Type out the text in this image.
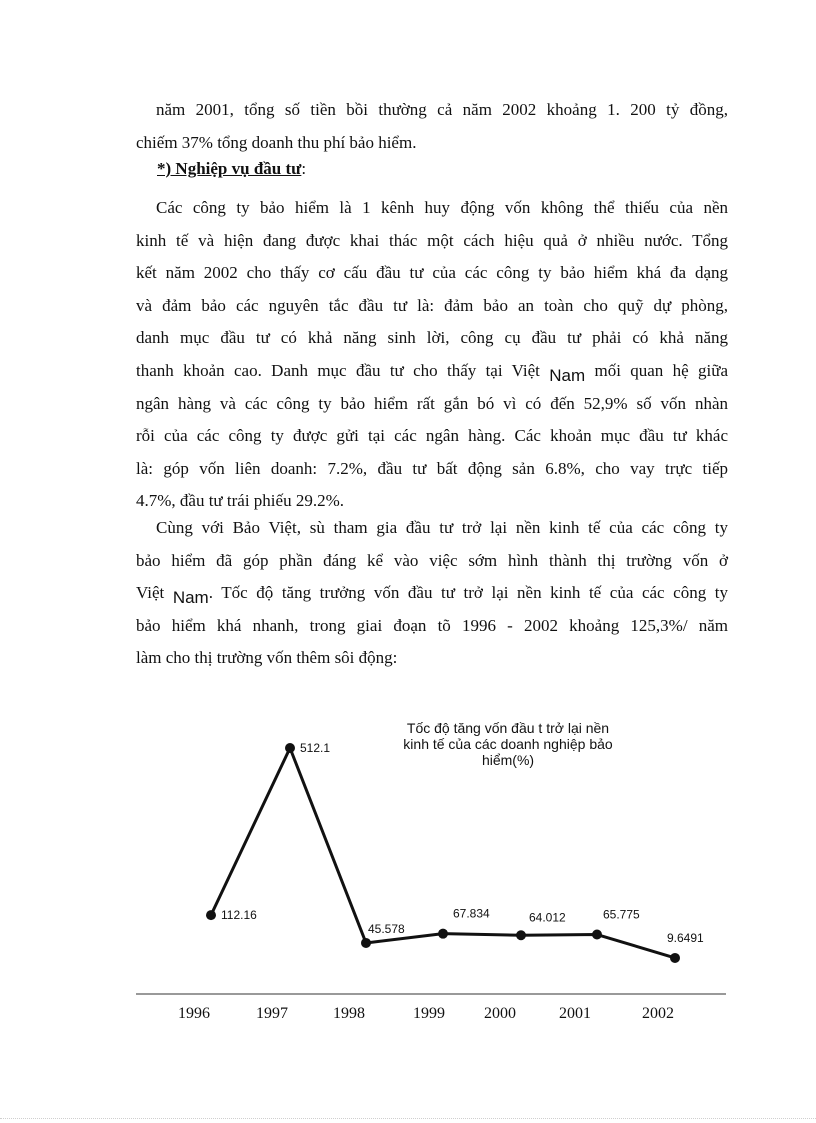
năm 2001, tổng số tiền bồi thường cả năm 2002 khoảng 1. 200 tỷ đồng,
chiếm 37% tổng doanh thu phí bảo hiểm.
*) Nghiệp vụ đầu tư:
Các công ty bảo hiểm là 1 kênh huy động vốn không thể thiếu của nền
kinh tế và hiện đang được khai thác một cách hiệu quả ở nhiều nước. Tổng
kết năm 2002 cho thấy cơ cấu đầu tư của các công ty bảo hiểm khá đa dạng
và đảm bảo các nguyên tắc đầu tư là: đảm bảo an toàn cho quỹ dự phòng,
danh mục đầu tư có khả năng sinh lời, công cụ đầu tư phải có khả năng
thanh khoản cao. Danh mục đầu tư cho thấy tại Việt Nam mối quan hệ giữa
ngân hàng và các công ty bảo hiểm rất gắn bó vì có đến 52,9% số vốn nhàn
rỗi của các công ty được gửi tại các ngân hàng. Các khoản mục đầu tư khác
là: góp vốn liên doanh: 7.2%, đầu tư bất động sản 6.8%, cho vay trực tiếp
4.7%, đầu tư trái phiếu 29.2%.
Cùng với Bảo Việt, sù tham gia đầu tư trở lại nền kinh tế của các công ty
bảo hiểm đã góp phần đáng kể vào việc sớm hình thành thị trường vốn ở
Việt Nam. Tốc độ tăng trưởng vốn đầu tư trở lại nền kinh tế của các công ty
bảo hiểm khá nhanh, trong giai đoạn tõ 1996 - 2002 khoảng 125,3%/ năm
làm cho thị trường vốn thêm sôi động:
Tốc độ tăng vốn đầu t trở lại nền
kinh tế của các doanh nghiệp bảo
hiểm(%)
112.16
512.1
45.578
67.834	64.012	65.775
9.6491
1996	1997	1998	1999 2000	2001	2002
